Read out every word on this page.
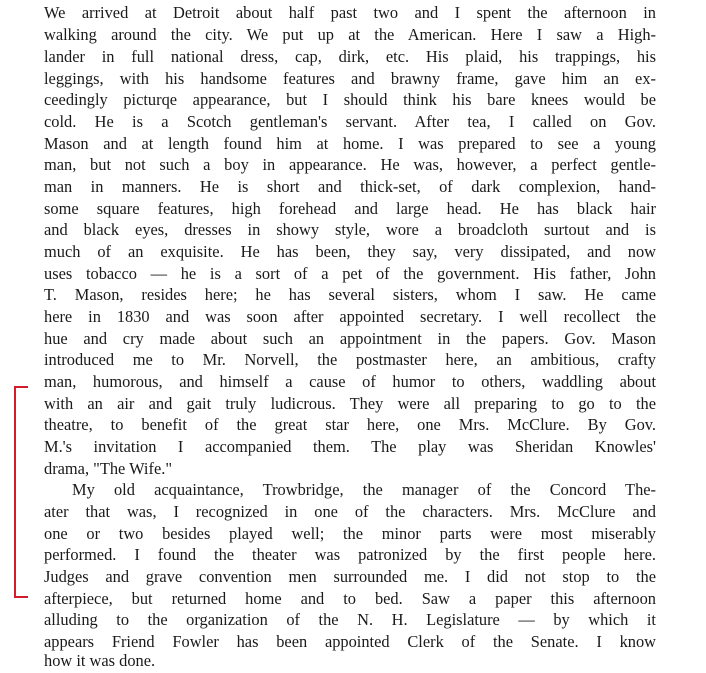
We arrived at Detroit about half past two and I spent the afternoon in
walking around the city. We put up at the American. Here I saw a High-
lander in full national dress, cap, dirk, etc. His plaid, his trappings, his
leggings, with his handsome features and brawny frame, gave him an ex-
ceedingly picturqe appearance, but I should think his bare knees would be
cold. He is a Scotch gentleman's servant. After tea, I called on Gov.
Mason and at length found him at home. I was prepared to see a young
man, but not such a boy in appearance. He was, however, a perfect gentle-
man in manners. He is short and thick-set, of dark complexion, hand-
some square features, high forehead and large head. He has black hair
and black eyes, dresses in showy style, wore a broadcloth surtout and is
much of an exquisite. He has been, they say, very dissipated, and now
uses tobacco — he is a sort of a pet of the government. His father, John
T. Mason, resides here; he has several sisters, whom I saw. He came
here in 1830 and was soon after appointed secretary. I well recollect the
hue and cry made about such an appointment in the papers. Gov. Mason
introduced me to Mr. Norvell, the postmaster here, an ambitious, crafty
man, humorous, and himself a cause of humor to others, waddling about
with an air and gait truly ludicrous. They were all preparing to go to the
theatre, to benefit of the great star here, one Mrs. McClure. By Gov.
M.'s invitation I accompanied them. The play was Sheridan Knowles'
drama, "The Wife."
My old acquaintance, Trowbridge, the manager of the Concord The-
ater that was, I recognized in one of the characters. Mrs. McClure and
one or two besides played well; the minor parts were most miserably
performed. I found the theater was patronized by the first people here.
Judges and grave convention men surrounded me. I did not stop to the
afterpiece, but returned home and to bed. Saw a paper this afternoon
alluding to the organization of the N. H. Legislature — by which it
appears Friend Fowler has been appointed Clerk of the Senate. I know
how it was done.
